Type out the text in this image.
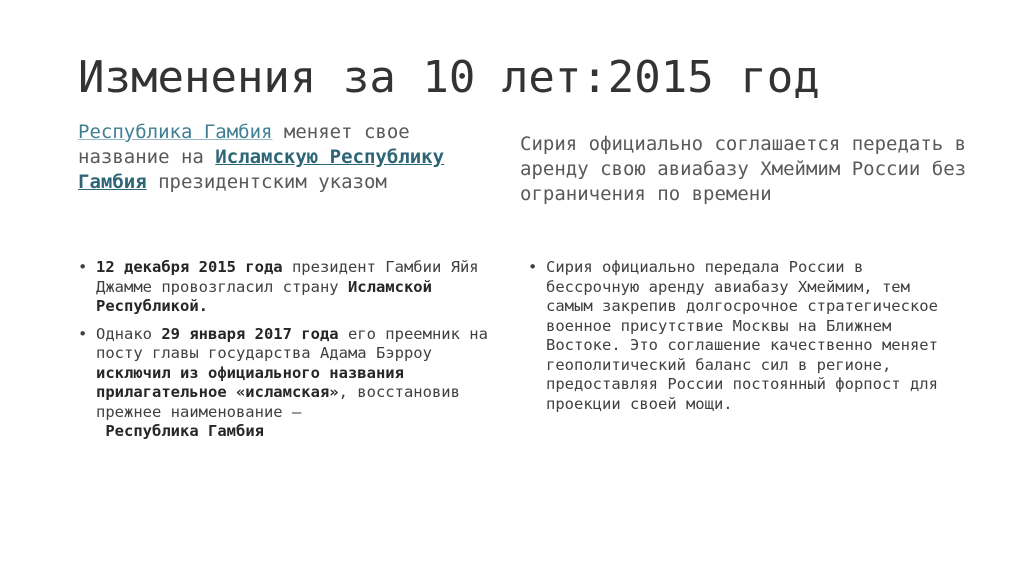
Изменения за 10 лет:2015 год
Республика Гамбия меняет свое название на Исламскую Республику
Гамбия президентским указом
Сирия официально соглашается передать в аренду свою авиабазу Хмеймим России без ограничения по времени
• 12 декабря 2015 года президент Гамбии Яйя Джамме провозгласил страну Исламской Республикой.
• Однако 29 января 2017 года его преемник на посту главы государства Адама Бэрроу исключил из официального названия прилагательное «исламская», восстановив прежнее наименование —
Республика Гамбия
• Сирия официально передала России в бессрочную аренду авиабазу Хмеймим, тем самым закрепив долгосрочное стратегическое военное присутствие Москвы на Ближнем Востоке. Это соглашение качественно меняет геополитический баланс сил в регионе, предоставляя России постоянный форпост для проекции своей мощи.
